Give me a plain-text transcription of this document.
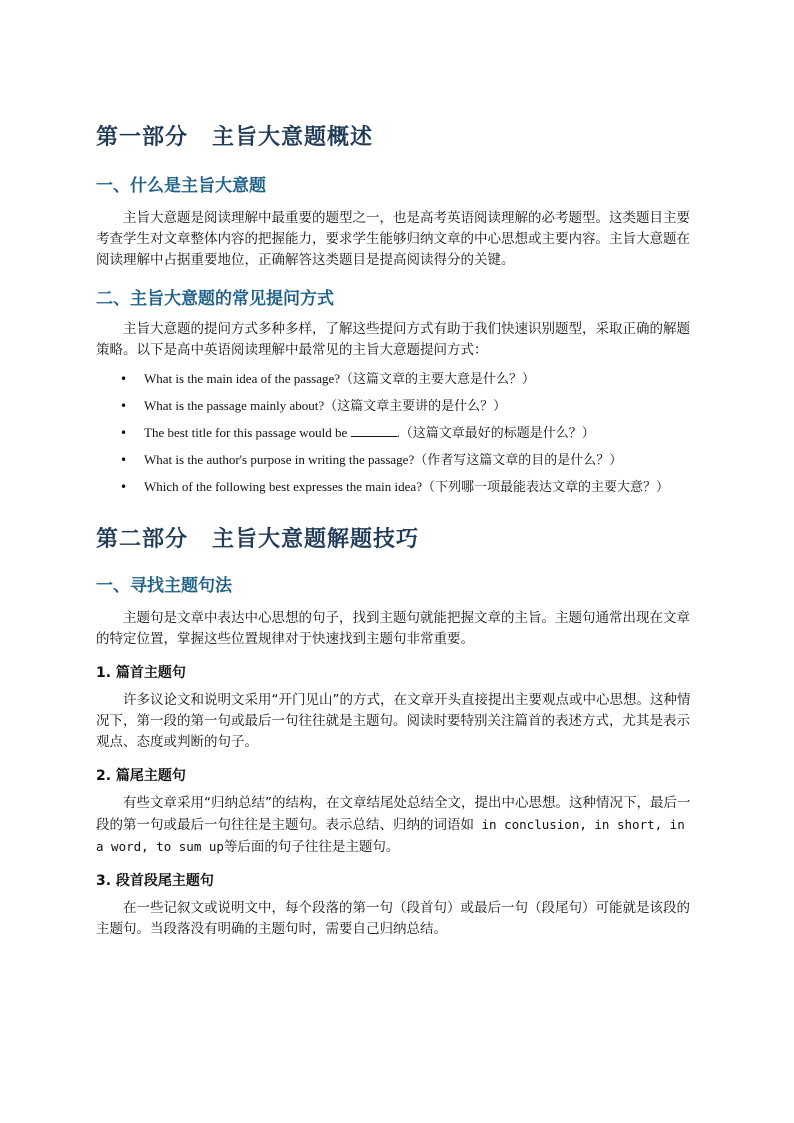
第一部分 主旨大意题概述
一、什么是主旨大意题

主旨大意题是阅读理解中最重要的题型之一，也是高考英语阅读理解的必考题型。这类题目主要考查学生对文章整体内容的把握能力，要求学生能够归纳文章的中心思想或主要内容。主旨大意题在阅读理解中占据重要地位，正确解答这类题目是提高阅读得分的关键。

二、主旨大意题的常见提问方式

主旨大意题的提问方式多种多样，了解这些提问方式有助于我们快速识别题型，采取正确的解题策略。以下是高中英语阅读理解中最常见的主旨大意题提问方式：

• What is the main idea of the passage?（这篇文章的主要大意是什么？）
• What is the passage mainly about?（这篇文章主要讲的是什么？）
• The best title for this passage would be	.（这篇文章最好的标题是什么？）
• What is the author's purpose in writing the passage?（作者写这篇文章的目的是什么？）
• Which of the following best expresses the main idea?（下列哪一项最能表达文章的主要大意？）
第二部分 主旨大意题解题技巧
一、寻找主题句法

主题句是文章中表达中心思想的句子，找到主题句就能把握文章的主旨。主题句通常出现在文章的特定位置，掌握这些位置规律对于快速找到主题句非常重要。

1. 篇首主题句

许多议论文和说明文采用“开门见山”的方式，在文章开头直接提出主要观点或中心思想。这种情况下，第一段的第一句或最后一句往往就是主题句。阅读时要特别关注篇首的表述方式，尤其是表示观点、态度或判断的句子。

2. 篇尾主题句

有些文章采用“归纳总结”的结构，在文章结尾处总结全文，提出中心思想。这种情况下，最后一段的第一句或最后一句往往是主题句。表示总结、归纳的词语如 in conclusion, in short, in a word, to sum up等后面的句子往往是主题句。

3. 段首段尾主题句

在一些记叙文或说明文中，每个段落的第一句（段首句）或最后一句（段尾句）可能就是该段的主题句。当段落没有明确的主题句时，需要自己归纳总结。
